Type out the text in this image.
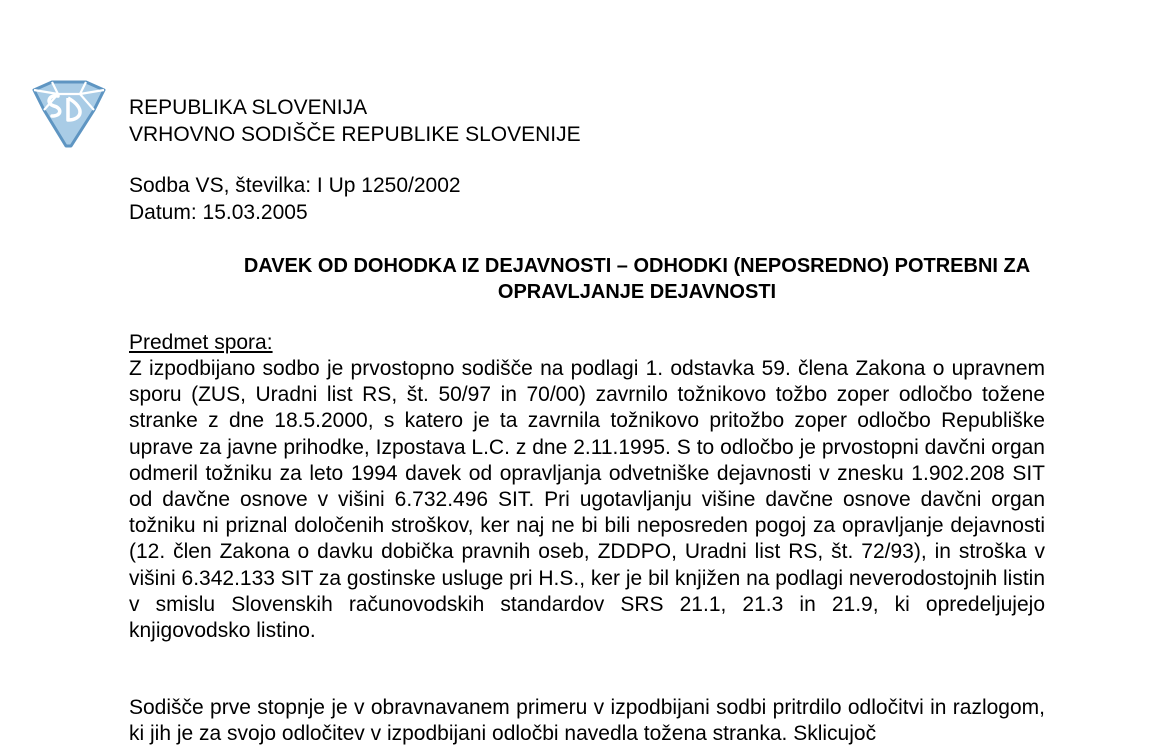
REPUBLIKA SLOVENIJA
VRHOVNO SODIŠČE REPUBLIKE SLOVENIJE
Sodba VS, številka: I Up 1250/2002
Datum: 15.03.2005
DAVEK OD DOHODKA IZ DEJAVNOSTI – ODHODKI (NEPOSREDNO) POTREBNI ZA
OPRAVLJANJE DEJAVNOSTI
Predmet spora:

Z izpodbijano sodbo je prvostopno sodišče na podlagi 1. odstavka 59. člena Zakona o upravnem sporu (ZUS, Uradni list RS, št. 50/97 in 70/00) zavrnilo tožnikovo tožbo zoper odločbo tožene stranke z dne 18.5.2000, s katero je ta zavrnila tožnikovo pritožbo zoper odločbo Republiške uprave za javne prihodke, Izpostava L.C. z dne 2.11.1995. S to odločbo je prvostopni davčni organ odmeril tožniku za leto 1994 davek od opravljanja odvetniške dejavnosti v znesku 1.902.208 SIT od davčne osnove v višini 6.732.496 SIT. Pri ugotavljanju višine davčne osnove davčni organ tožniku ni priznal določenih stroškov, ker naj ne bi bili neposreden pogoj za opravljanje dejavnosti (12. člen Zakona o davku dobička pravnih oseb, ZDDPO, Uradni list RS, št. 72/93), in stroška v višini 6.342.133 SIT za gostinske usluge pri H.S., ker je bil knjižen na podlagi neverodostojnih listin v smislu Slovenskih računovodskih standardov SRS 21.1, 21.3 in 21.9, ki opredeljujejo knjigovodsko listino.

Sodišče prve stopnje je v obravnavanem primeru v izpodbijani sodbi pritrdilo odločitvi in razlogom, ki jih je za svojo odločitev v izpodbijani odločbi navedla tožena stranka. Sklicujoč
